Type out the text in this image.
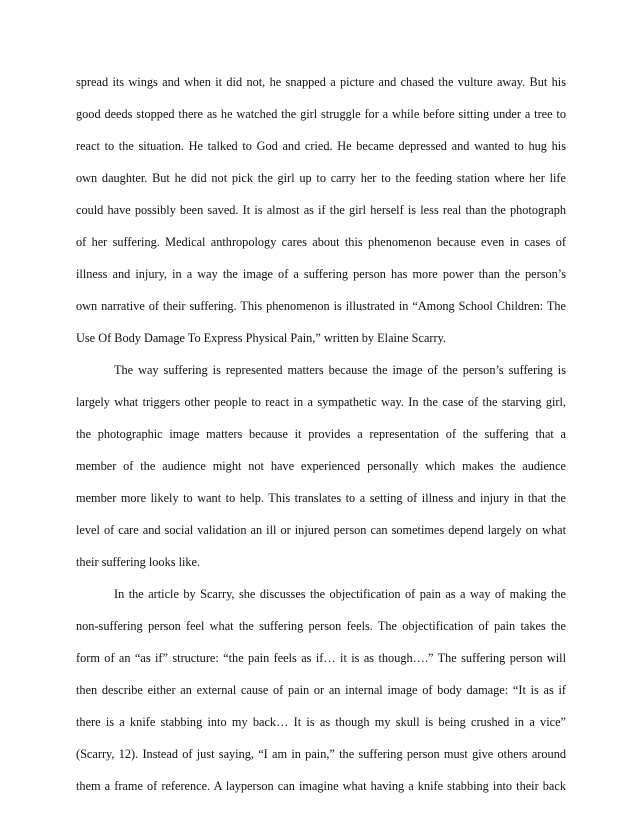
spread its wings and when it did not, he snapped a picture and chased the vulture away. But his
good deeds stopped there as he watched the girl struggle for a while before sitting under a tree to
react to the situation. He talked to God and cried. He became depressed and wanted to hug his
own daughter. But he did not pick the girl up to carry her to the feeding station where her life
could have possibly been saved. It is almost as if the girl herself is less real than the photograph
of her suffering. Medical anthropology cares about this phenomenon because even in cases of
illness and injury, in a way the image of a suffering person has more power than the person’s
own narrative of their suffering. This phenomenon is illustrated in “Among School Children: The
Use Of Body Damage To Express Physical Pain,” written by Elaine Scarry.
The way suffering is represented matters because the image of the person’s suffering is
largely what triggers other people to react in a sympathetic way. In the case of the starving girl,
the photographic image matters because it provides a representation of the suffering that a
member of the audience might not have experienced personally which makes the audience
member more likely to want to help. This translates to a setting of illness and injury in that the
level of care and social validation an ill or injured person can sometimes depend largely on what
their suffering looks like.
In the article by Scarry, she discusses the objectification of pain as a way of making the
non-suffering person feel what the suffering person feels. The objectification of pain takes the
form of an “as if” structure: “the pain feels as if… it is as though….” The suffering person will
then describe either an external cause of pain or an internal image of body damage: “It is as if
there is a knife stabbing into my back… It is as though my skull is being crushed in a vice”
(Scarry, 12). Instead of just saying, “I am in pain,” the suffering person must give others around
them a frame of reference. A layperson can imagine what having a knife stabbing into their back
